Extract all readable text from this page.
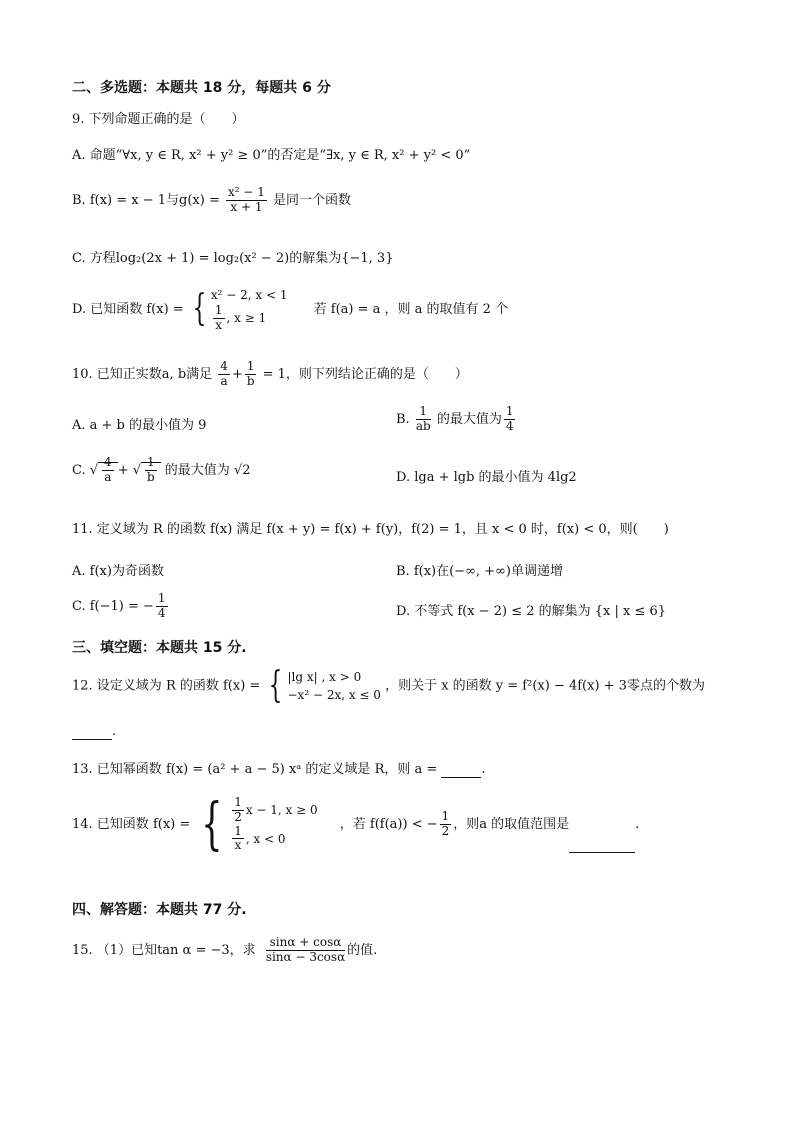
二、多选题：本题共 18 分，每题共 6 分
9. 下列命题正确的是（　　）
A. 命题“∀x, y ∈ R, x² + y² ≥ 0”的否定是“∃x, y ∈ R, x² + y² < 0”
B. f(x) = x − 1与$g(x) = \frac{\text{x² − 1}}{x + 1}$ 是同一个函数
C. 方程log₂(2x + 1) = log₂(x² − 2)的解集为{−1, 3}
D. 已知函数 f(x) = { x² − 2, x < 1
$\frac{1}{x}$ , x ≥ 1
若 f(a) = a ，则 a 的取值有 2 个
10. 已知正实数a, b满足 $\frac{4}{a} + \frac{1}{b} = 1$，则下列结论正确的是（　　）
A. a + b 的最小值为 9	B. $\frac{1}{ab}$ 的最大值为 $\frac{1}{4}$
C. √ $\frac{4}{a}$ + √ $\frac{1}{b}$ 的最大值为 √2	D. lga + lgb 的最小值为 4lg2
11. 定义域为 R 的函数 f(x) 满足 f(x + y) = f(x) + f(y)，f(2) = 1，且 x < 0 时，f(x) < 0，则(　　)
A. f(x)为奇函数	B. f(x)在(−∞, +∞)单调递增
C. f(−1) = − $\frac{1}{4}$	D. 不等式 f(x − 2) ≤ 2 的解集为 {x | x ≤ 6}
三、填空题：本题共 15 分.
12. 设定义域为 R 的函数 f(x) = { |lg x| , x > 0
−x² − 2x, x ≤ 0
，则关于 x 的函数 y = f²(x) − 4f(x) + 3零点的个数为
.
13. 已知幂函数 f(x) = (a² + a − 5) xᵃ 的定义域是 R，则 a =	.
14. 已知函数 f(x) = { $\frac{1}{2}$ x − 1, x ≥ 0
$\frac{1}{x}$ , x < 0
，若 f(f(a)) < − $\frac{1}{2}$ ，则a 的取值范围是	.
四、解答题：本题共 77 分.
15. （1）已知tan α = −3，求 $\frac{\sin\alpha + \cos\alpha}{\sin\alpha - 3\cos\alpha}$ 的值.
